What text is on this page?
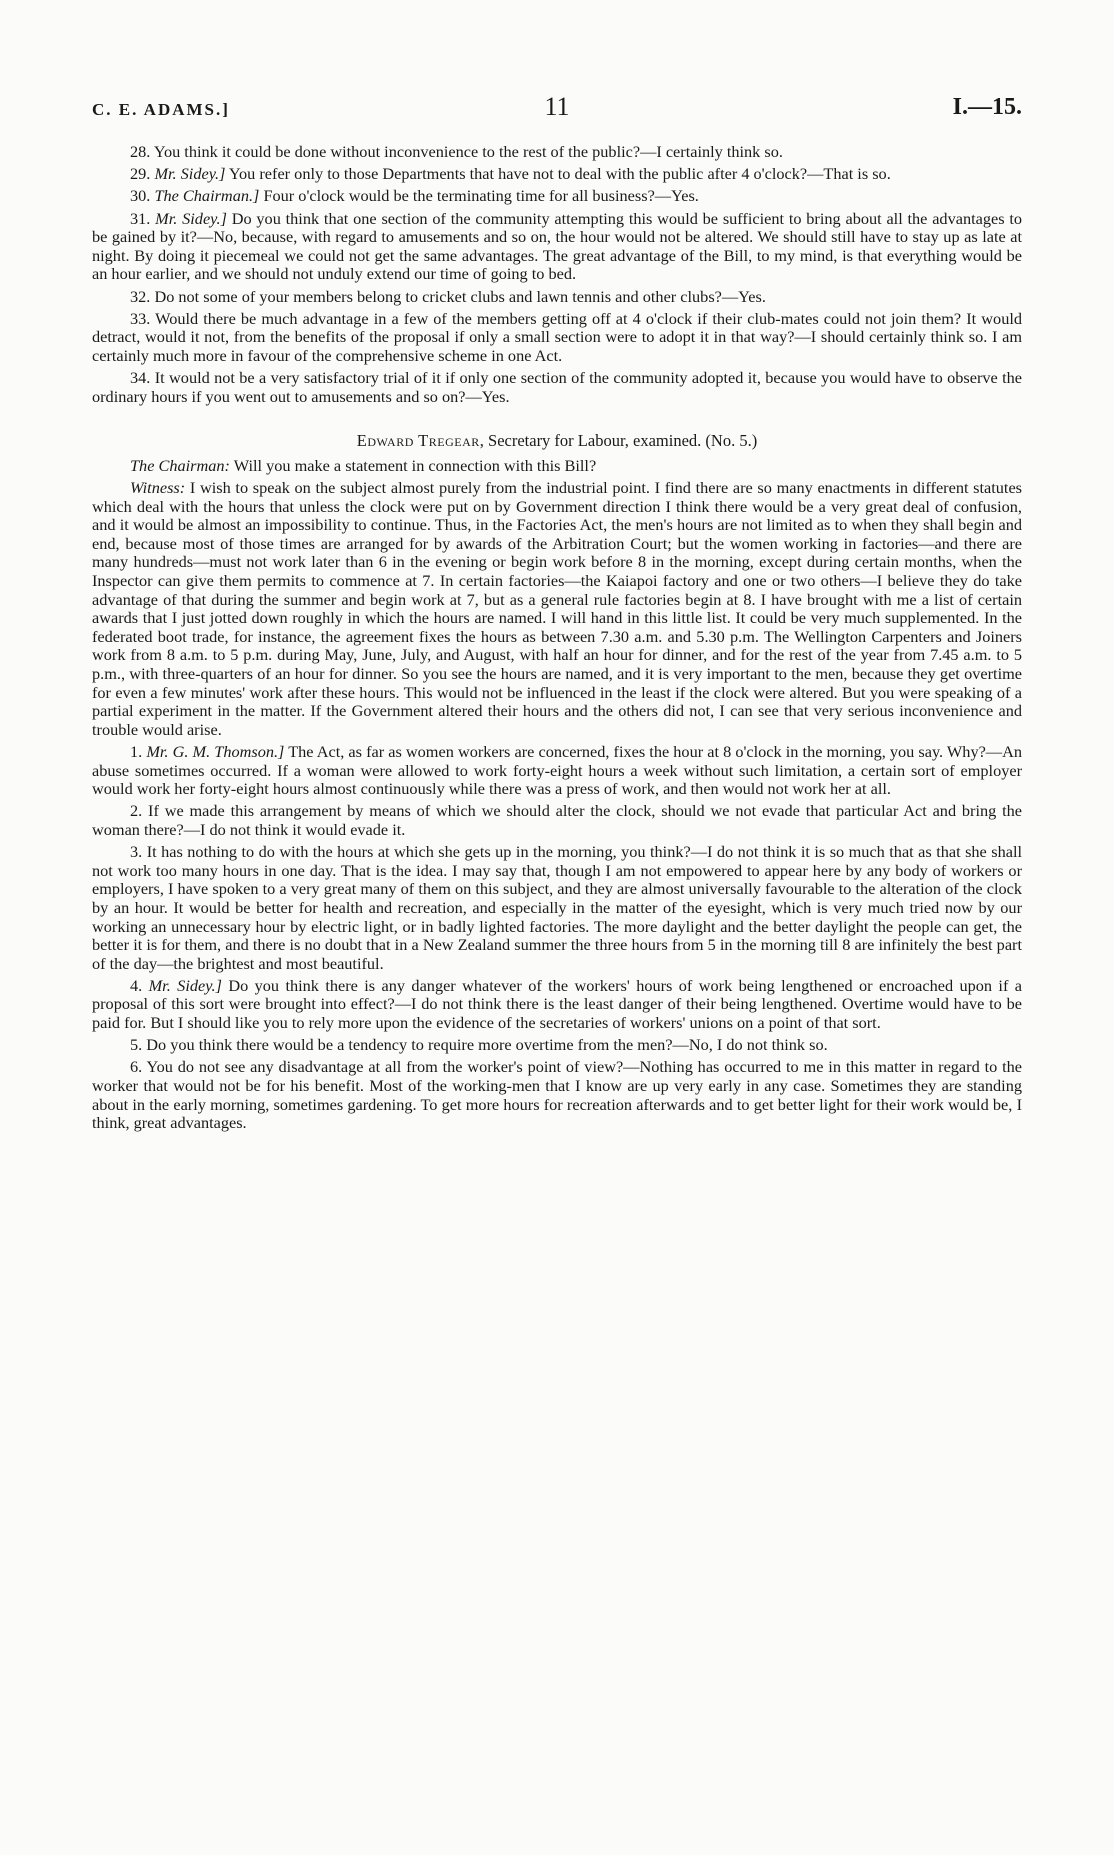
C. E. ADAMS.]	11	I.—15.

28. You think it could be done without inconvenience to the rest of the public?—I certainly think so.

29. Mr. Sidey.] You refer only to those Departments that have not to deal with the public after 4 o'clock?—That is so.

30. The Chairman.] Four o'clock would be the terminating time for all business?—Yes.

31. Mr. Sidey.] Do you think that one section of the community attempting this would be sufficient to bring about all the advantages to be gained by it?—No, because, with regard to amusements and so on, the hour would not be altered. We should still have to stay up as late at night. By doing it piecemeal we could not get the same advantages. The great advantage of the Bill, to my mind, is that everything would be an hour earlier, and we should not unduly extend our time of going to bed.

32. Do not some of your members belong to cricket clubs and lawn tennis and other clubs?—Yes.

33. Would there be much advantage in a few of the members getting off at 4 o'clock if their club-mates could not join them? It would detract, would it not, from the benefits of the proposal if only a small section were to adopt it in that way?—I should certainly think so. I am certainly much more in favour of the comprehensive scheme in one Act.

34. It would not be a very satisfactory trial of it if only one section of the community adopted it, because you would have to observe the ordinary hours if you went out to amusements and so on?—Yes.

Edward Tregear, Secretary for Labour, examined. (No. 5.)

The Chairman: Will you make a statement in connection with this Bill?

Witness: I wish to speak on the subject almost purely from the industrial point. I find there are so many enactments in different statutes which deal with the hours that unless the clock were put on by Government direction I think there would be a very great deal of confusion, and it would be almost an impossibility to continue. Thus, in the Factories Act, the men's hours are not limited as to when they shall begin and end, because most of those times are arranged for by awards of the Arbitration Court; but the women working in factories—and there are many hundreds—must not work later than 6 in the evening or begin work before 8 in the morning, except during certain months, when the Inspector can give them permits to commence at 7. In certain factories—the Kaiapoi factory and one or two others—I believe they do take advantage of that during the summer and begin work at 7, but as a general rule factories begin at 8. I have brought with me a list of certain awards that I just jotted down roughly in which the hours are named. I will hand in this little list. It could be very much supplemented. In the federated boot trade, for instance, the agreement fixes the hours as between 7.30 a.m. and 5.30 p.m. The Wellington Carpenters and Joiners work from 8 a.m. to 5 p.m. during May, June, July, and August, with half an hour for dinner, and for the rest of the year from 7.45 a.m. to 5 p.m., with three-quarters of an hour for dinner. So you see the hours are named, and it is very important to the men, because they get overtime for even a few minutes' work after these hours. This would not be influenced in the least if the clock were altered. But you were speaking of a partial experiment in the matter. If the Government altered their hours and the others did not, I can see that very serious inconvenience and trouble would arise.

1. Mr. G. M. Thomson.] The Act, as far as women workers are concerned, fixes the hour at 8 o'clock in the morning, you say. Why?—An abuse sometimes occurred. If a woman were allowed to work forty-eight hours a week without such limitation, a certain sort of employer would work her forty-eight hours almost continuously while there was a press of work, and then would not work her at all.

2. If we made this arrangement by means of which we should alter the clock, should we not evade that particular Act and bring the woman there?—I do not think it would evade it.

3. It has nothing to do with the hours at which she gets up in the morning, you think?—I do not think it is so much that as that she shall not work too many hours in one day. That is the idea. I may say that, though I am not empowered to appear here by any body of workers or employers, I have spoken to a very great many of them on this subject, and they are almost universally favourable to the alteration of the clock by an hour. It would be better for health and recreation, and especially in the matter of the eyesight, which is very much tried now by our working an unnecessary hour by electric light, or in badly lighted factories. The more daylight and the better daylight the people can get, the better it is for them, and there is no doubt that in a New Zealand summer the three hours from 5 in the morning till 8 are infinitely the best part of the day—the brightest and most beautiful.

4. Mr. Sidey.] Do you think there is any danger whatever of the workers' hours of work being lengthened or encroached upon if a proposal of this sort were brought into effect?—I do not think there is the least danger of their being lengthened. Overtime would have to be paid for. But I should like you to rely more upon the evidence of the secretaries of workers' unions on a point of that sort.

5. Do you think there would be a tendency to require more overtime from the men?—No, I do not think so.

6. You do not see any disadvantage at all from the worker's point of view?—Nothing has occurred to me in this matter in regard to the worker that would not be for his benefit. Most of the working-men that I know are up very early in any case. Sometimes they are standing about in the early morning, sometimes gardening. To get more hours for recreation afterwards and to get better light for their work would be, I think, great advantages.
